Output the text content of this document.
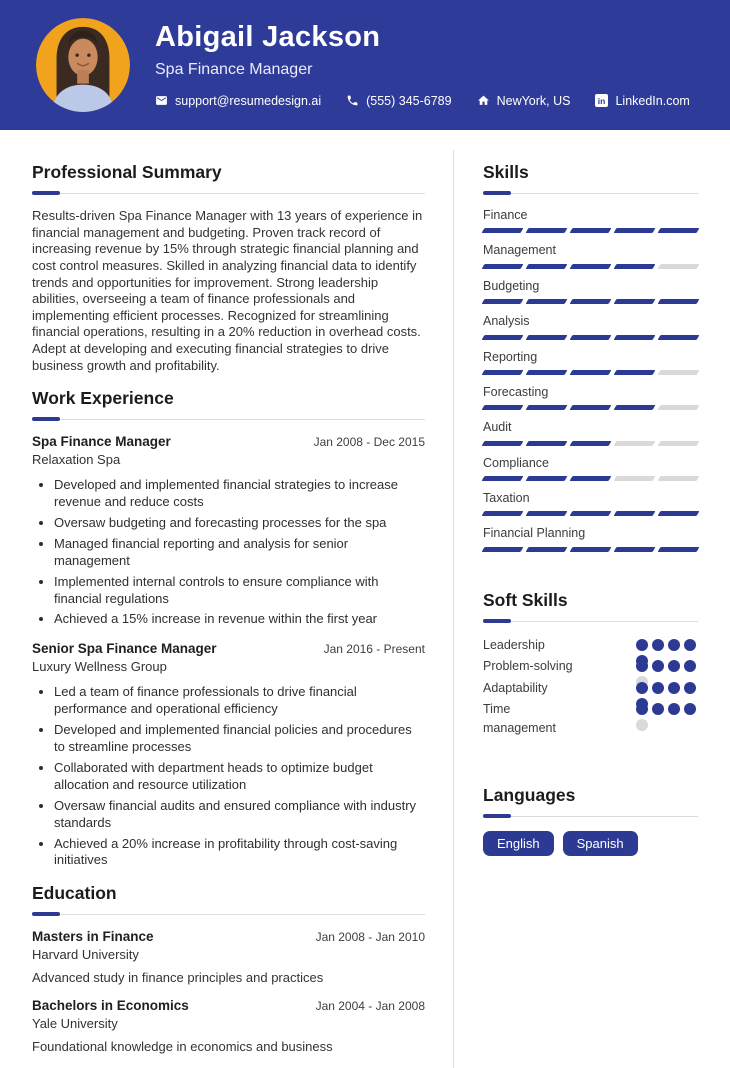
Abigail Jackson
Spa Finance Manager
support@resumedesign.ai	(555) 345-6789	NewYork, US	in LinkedIn.com
Professional Summary

Results-driven Spa Finance Manager with 13 years of experience in financial management and budgeting. Proven track record of increasing revenue by 15% through strategic financial planning and cost control measures. Skilled in analyzing financial data to identify trends and opportunities for improvement. Strong leadership abilities, overseeing a team of finance professionals and implementing efficient processes. Recognized for streamlining financial operations, resulting in a 20% reduction in overhead costs. Adept at developing and executing financial strategies to drive business growth and profitability.

Work Experience
Spa Finance Manager	Jan 2008 - Dec 2015
Relaxation Spa
• Developed and implemented financial strategies to increase revenue and reduce costs
• Oversaw budgeting and forecasting processes for the spa
• Managed financial reporting and analysis for senior management
• Implemented internal controls to ensure compliance with financial regulations
• Achieved a 15% increase in revenue within the first year
Senior Spa Finance Manager	Jan 2016 - Present
Luxury Wellness Group
• Led a team of finance professionals to drive financial performance and operational efficiency
• Developed and implemented financial policies and procedures to streamline processes
• Collaborated with department heads to optimize budget allocation and resource utilization
• Oversaw financial audits and ensured compliance with industry standards
• Achieved a 20% increase in profitability through cost-saving initiatives
Education
Masters in Finance	Jan 2008 - Jan 2010
Harvard University

Advanced study in finance principles and practices

Bachelors in Economics	Jan 2004 - Jan 2008
Yale University

Foundational knowledge in economics and business

Skills
Finance
Management
Budgeting
Analysis
Reporting
Forecasting
Audit
Compliance
Taxation
Financial Planning
Soft Skills
Leadership
Problem-solving
Adaptability
Time management
Languages
English	Spanish
